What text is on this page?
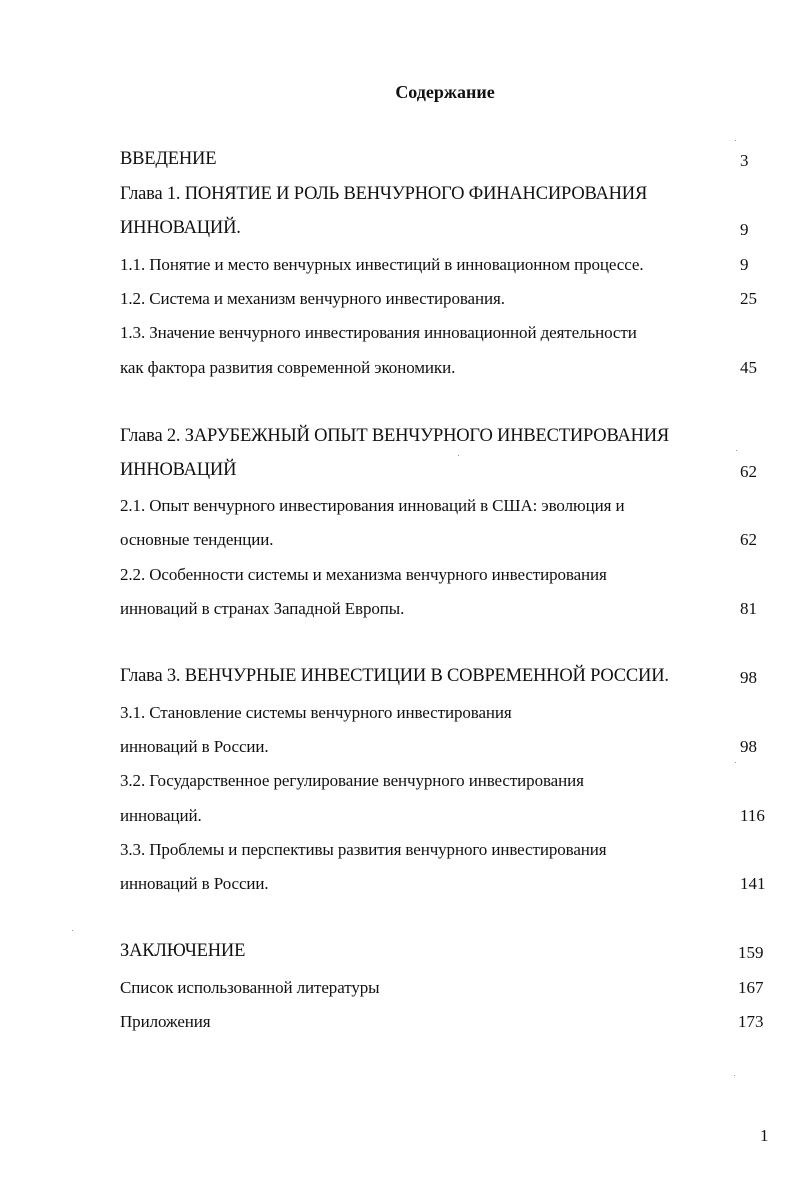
Содержание
ВВЕДЕНИЕ	3
Глава 1. ПОНЯТИЕ И РОЛЬ ВЕНЧУРНОГО ФИНАНСИРОВАНИЯ
ИННОВАЦИЙ.	9
1.1. Понятие и место венчурных инвестиций в инновационном процессе.	9
1.2. Система и механизм венчурного инвестирования.	25
1.3. Значение венчурного инвестирования инновационной деятельности
как фактора развития современной экономики.	45
Глава 2. ЗАРУБЕЖНЫЙ ОПЫТ ВЕНЧУРНОГО ИНВЕСТИРОВАНИЯ
ИННОВАЦИЙ	62
2.1. Опыт венчурного инвестирования инноваций в США: эволюция и
основные тенденции.	62
2.2. Особенности системы и механизма венчурного инвестирования
инноваций в странах Западной Европы.	81
Глава 3. ВЕНЧУРНЫЕ ИНВЕСТИЦИИ В СОВРЕМЕННОЙ РОССИИ.	98
3.1. Становление системы венчурного инвестирования
инноваций в России.	98
3.2. Государственное регулирование венчурного инвестирования
инноваций.	116
3.3. Проблемы и перспективы развития венчурного инвестирования
инноваций в России.	141
ЗАКЛЮЧЕНИЕ	159
Список использованной литературы	167
Приложения	173
1
